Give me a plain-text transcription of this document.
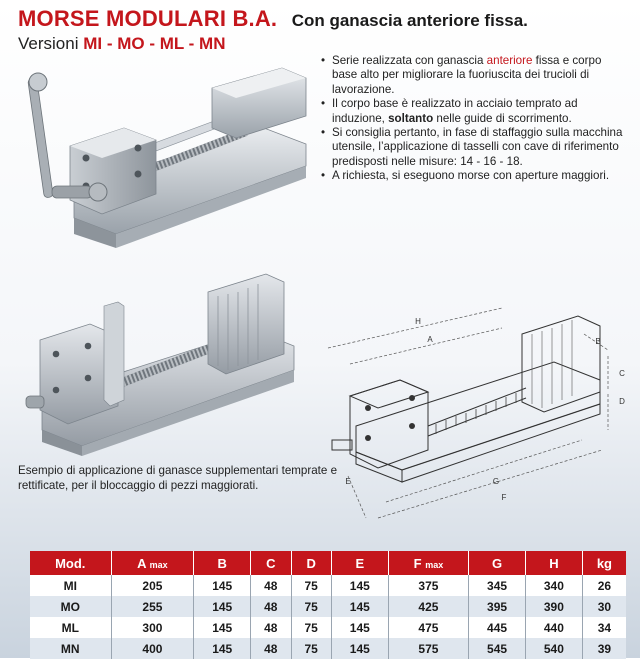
MORSE MODULARI B.A. Con ganascia anteriore fissa.
Versioni MI - MO - ML - MN
• Serie realizzata con ganascia anteriore fissa e corpo base alto per migliorare la fuoriuscita dei trucioli di lavorazione.
• Il corpo base è realizzato in acciaio temprato ad induzione, soltanto nelle guide di scorrimento.
• Si consiglia pertanto, in fase di staffaggio sulla macchina utensile, l’applicazione di tasselli con cave di riferimento predisposti nelle misure: 14 - 16 - 18.
• A richiesta, si eseguono morse con aperture maggiori.
Esempio di applicazione di ganasce supplementari temprate e rettificate, per il bloccaggio di pezzi maggiorati.
H
A	B
C
D
E	G
F
Mod.	A max	B	C	D	E	F max	G	H	kg
MI	205	145	48	75	145	375	345	340	26
MO	255	145	48	75	145	425	395	390	30
ML	300	145	48	75	145	475	445	440	34
MN	400	145	48	75	145	575	545	540	39
